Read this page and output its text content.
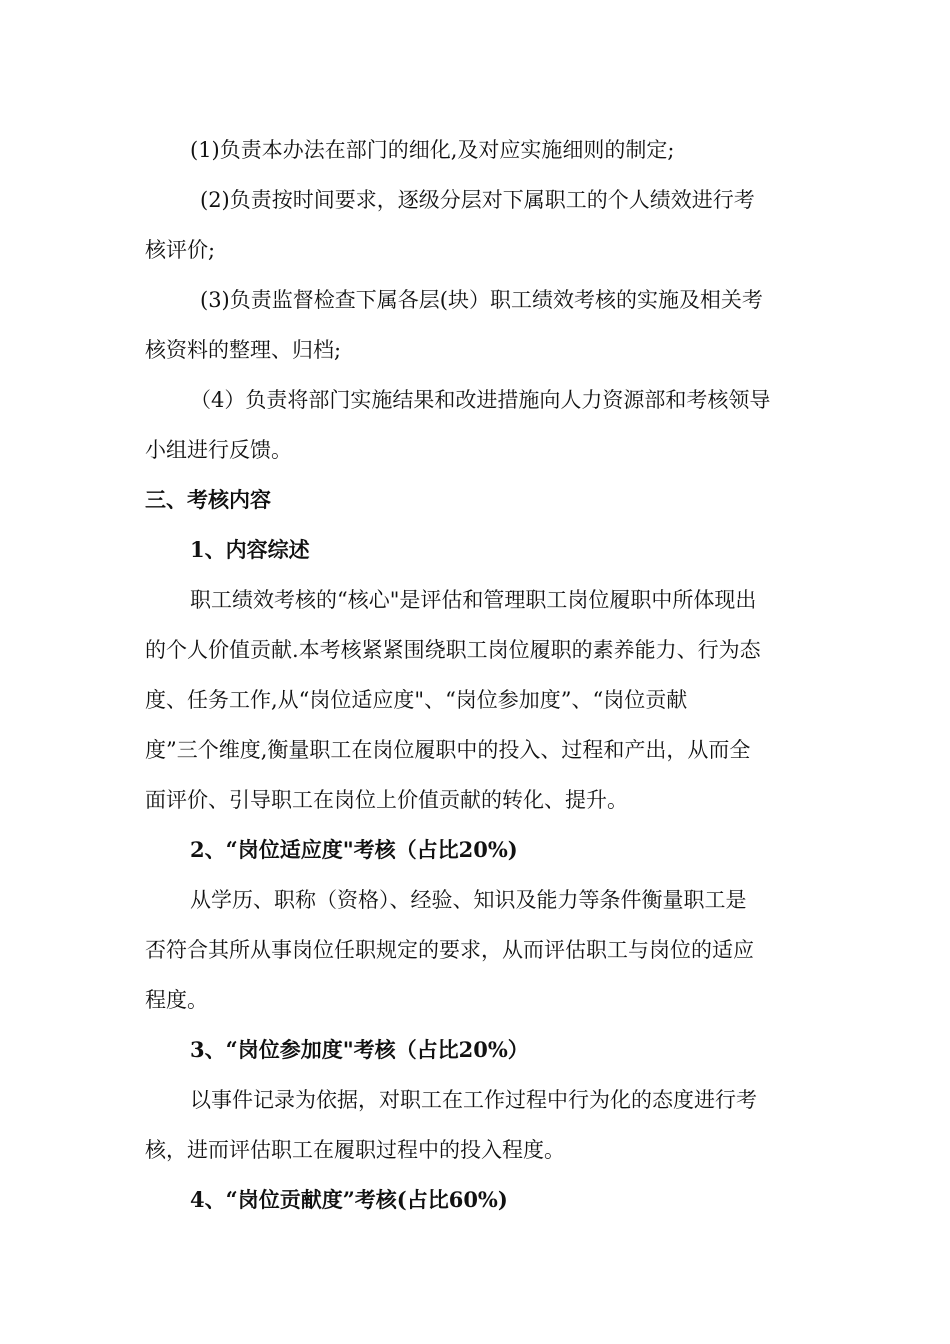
(1)负责本办法在部门的细化,及对应实施细则的制定;
(2)负责按时间要求，逐级分层对下属职工的个人绩效进行考
核评价;
(3)负责监督检查下属各层(块）职工绩效考核的实施及相关考
核资料的整理、归档;
（4）负责将部门实施结果和改进措施向人力资源部和考核领导
小组进行反馈。
三、考核内容
1、内容综述
职工绩效考核的“核心"是评估和管理职工岗位履职中所体现出
的个人价值贡献.本考核紧紧围绕职工岗位履职的素养能力、行为态
度、任务工作,从“岗位适应度"、“岗位参加度”、“岗位贡献
度”三个维度,衡量职工在岗位履职中的投入、过程和产出，从而全
面评价、引导职工在岗位上价值贡献的转化、提升。
2、“岗位适应度"考核（占比20%)
从学历、职称（资格）、经验、知识及能力等条件衡量职工是
否符合其所从事岗位任职规定的要求，从而评估职工与岗位的适应
程度。
3、“岗位参加度"考核（占比20%）
以事件记录为依据，对职工在工作过程中行为化的态度进行考
核，进而评估职工在履职过程中的投入程度。
4、“岗位贡献度”考核(占比60%)
